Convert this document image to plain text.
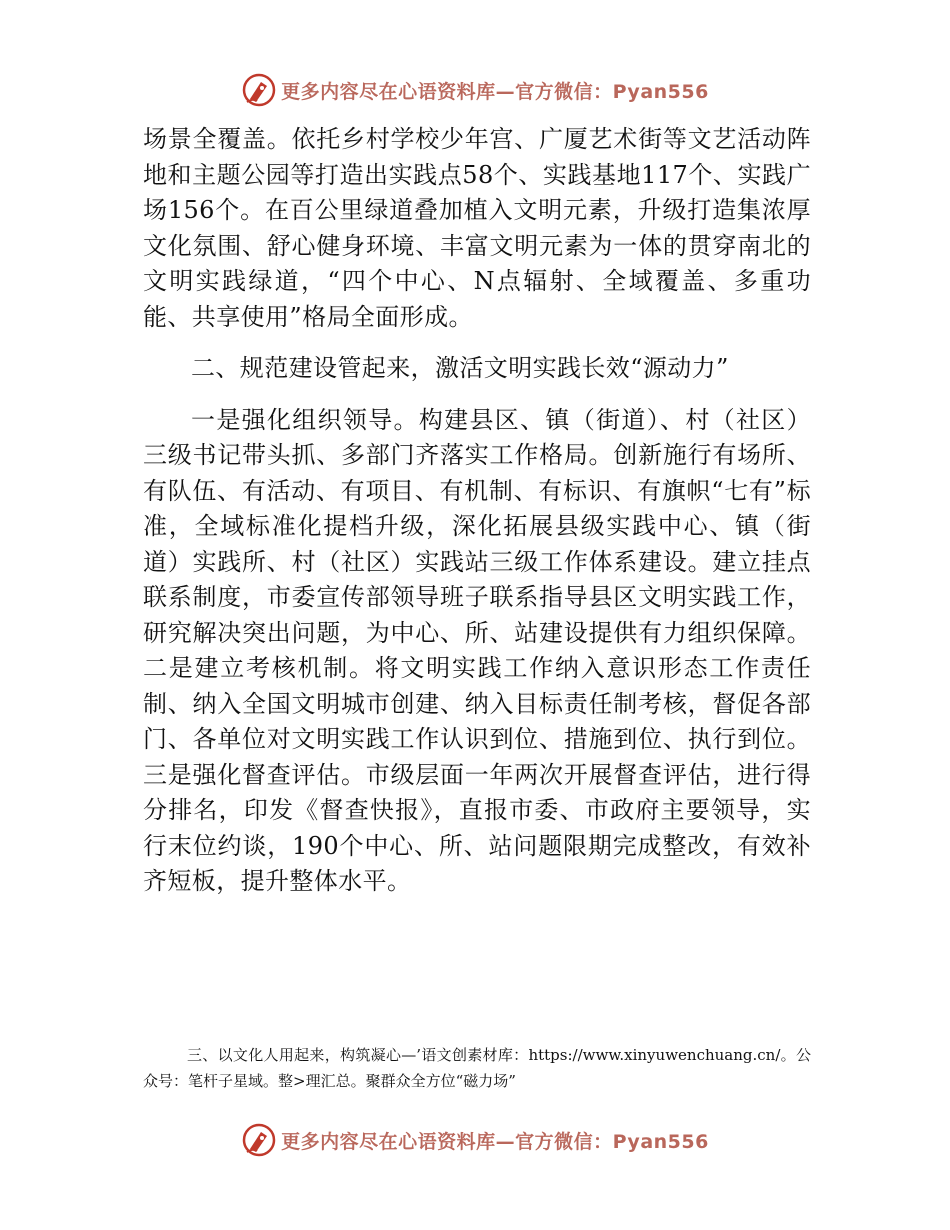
更多内容尽在心语资料库—官方微信：Pyan556

场景全覆盖。依托乡村学校少年宫、广厦艺术街等文艺活动阵地和主题公园等打造出实践点58个、实践基地117个、实践广场156个。在百公里绿道叠加植入文明元素，升级打造集浓厚文化氛围、舒心健身环境、丰富文明元素为一体的贯穿南北的文明实践绿道，“四个中心、N点辐射、全域覆盖、多重功能、共享使用”格局全面形成。

二、规范建设管起来，激活文明实践长效“源动力”

一是强化组织领导。构建县区、镇（街道）、村（社区）三级书记带头抓、多部门齐落实工作格局。创新施行有场所、有队伍、有活动、有项目、有机制、有标识、有旗帜“七有”标准，全域标准化提档升级，深化拓展县级实践中心、镇（街道）实践所、村（社区）实践站三级工作体系建设。建立挂点联系制度，市委宣传部领导班子联系指导县区文明实践工作，研究解决突出问题，为中心、所、站建设提供有力组织保障。二是建立考核机制。将文明实践工作纳入意识形态工作责任制、纳入全国文明城市创建、纳入目标责任制考核，督促各部门、各单位对文明实践工作认识到位、措施到位、执行到位。三是强化督查评估。市级层面一年两次开展督查评估，进行得分排名，印发《督查快报》，直报市委、市政府主要领导，实行末位约谈，190个中心、所、站问题限期完成整改，有效补齐短板，提升整体水平。

三、以文化人用起来，构筑凝心—’语文创素材库：https://www.xinyuwenchuang.cn/。公众号：笔杆子星域。整>理汇总。聚群众全方位“磁力场”

更多内容尽在心语资料库—官方微信：Pyan556
